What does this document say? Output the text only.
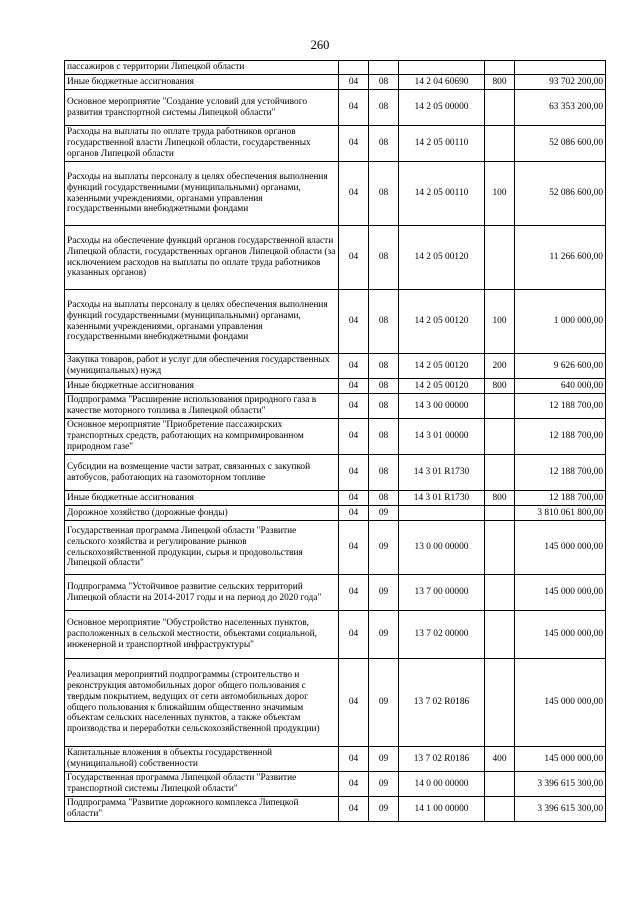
260
пассажиров с территории Липецкой области					
Иные бюджетные ассигнования	04	08	14 2 04 60690	800	93 702 200,00
Основное мероприятие "Создание условий для устойчивого развития транспортной системы Липецкой области"	04	08	14 2 05 00000		63 353 200,00
Расходы на выплаты по оплате труда работников органов государственной власти Липецкой области, государственных органов Липецкой области	04	08	14 2 05 00110		52 086 600,00
Расходы на выплаты персоналу в целях обеспечения выполнения функций государственными (муниципальными) органами, казенными учреждениями, органами управления государственными внебюджетными фондами	04	08	14 2 05 00110	100	52 086 600,00
Расходы на обеспечение функций органов государственной власти Липецкой области, государственных органов Липецкой области (за исключением расходов на выплаты по оплате труда работников указанных органов)	04	08	14 2 05 00120		11 266 600,00
Расходы на выплаты персоналу в целях обеспечения выполнения функций государственными (муниципальными) органами, казенными учреждениями, органами управления государственными внебюджетными фондами	04	08	14 2 05 00120	100	1 000 000,00
Закупка товаров, работ и услуг для обеспечения государственных (муниципальных) нужд	04	08	14 2 05 00120	200	9 626 600,00
Иные бюджетные ассигнования	04	08	14 2 05 00120	800	640 000,00
Подпрограмма "Расширение использования природного газа в качестве моторного топлива в Липецкой области"	04	08	14 3 00 00000		12 188 700,00
Основное мероприятие "Приобретение пассажирских транспортных средств, работающих на компримированном природном газе"	04	08	14 3 01 00000		12 188 700,00
Субсидии на возмещение части затрат, связанных с закупкой автобусов, работающих на газомоторном топливе	04	08	14 3 01 R1730		12 188 700,00
Иные бюджетные ассигнования	04	08	14 3 01 R1730	800	12 188 700,00
Дорожное хозяйство (дорожные фонды)	04	09			3 810 061 800,00
Государственная программа Липецкой области "Развитие сельского хозяйства и регулирование рынков сельскохозяйственной продукции, сырья и продовольствия Липецкой области"	04	09	13 0 00 00000		145 000 000,00
Подпрограмма "Устойчивое развитие сельских территорий Липецкой области на 2014-2017 годы и на период до 2020 года"	04	09	13 7 00 00000		145 000 000,00
Основное мероприятие "Обустройство населенных пунктов, расположенных в сельской местности, объектами социальной, инженерной и транспортной инфраструктуры"	04	09	13 7 02 00000		145 000 000,00
Реализация мероприятий подпрограммы (строительство и реконструкция автомобильных дорог общего пользования с твердым покрытием, ведущих от сети автомобильных дорог общего пользования к ближайшим общественно значимым объектам сельских населенных пунктов, а также объектам производства и переработки сельскохозяйственной продукции)	04	09	13 7 02 R0186		145 000 000,00
Капитальные вложения в объекты государственной (муниципальной) собственности	04	09	13 7 02 R0186	400	145 000 000,00
Государственная программа Липецкой области "Развитие транспортной системы Липецкой области"	04	09	14 0 00 00000		3 396 615 300,00
Подпрограмма "Развитие дорожного комплекса Липецкой области"	04	09	14 1 00 00000		3 396 615 300,00
